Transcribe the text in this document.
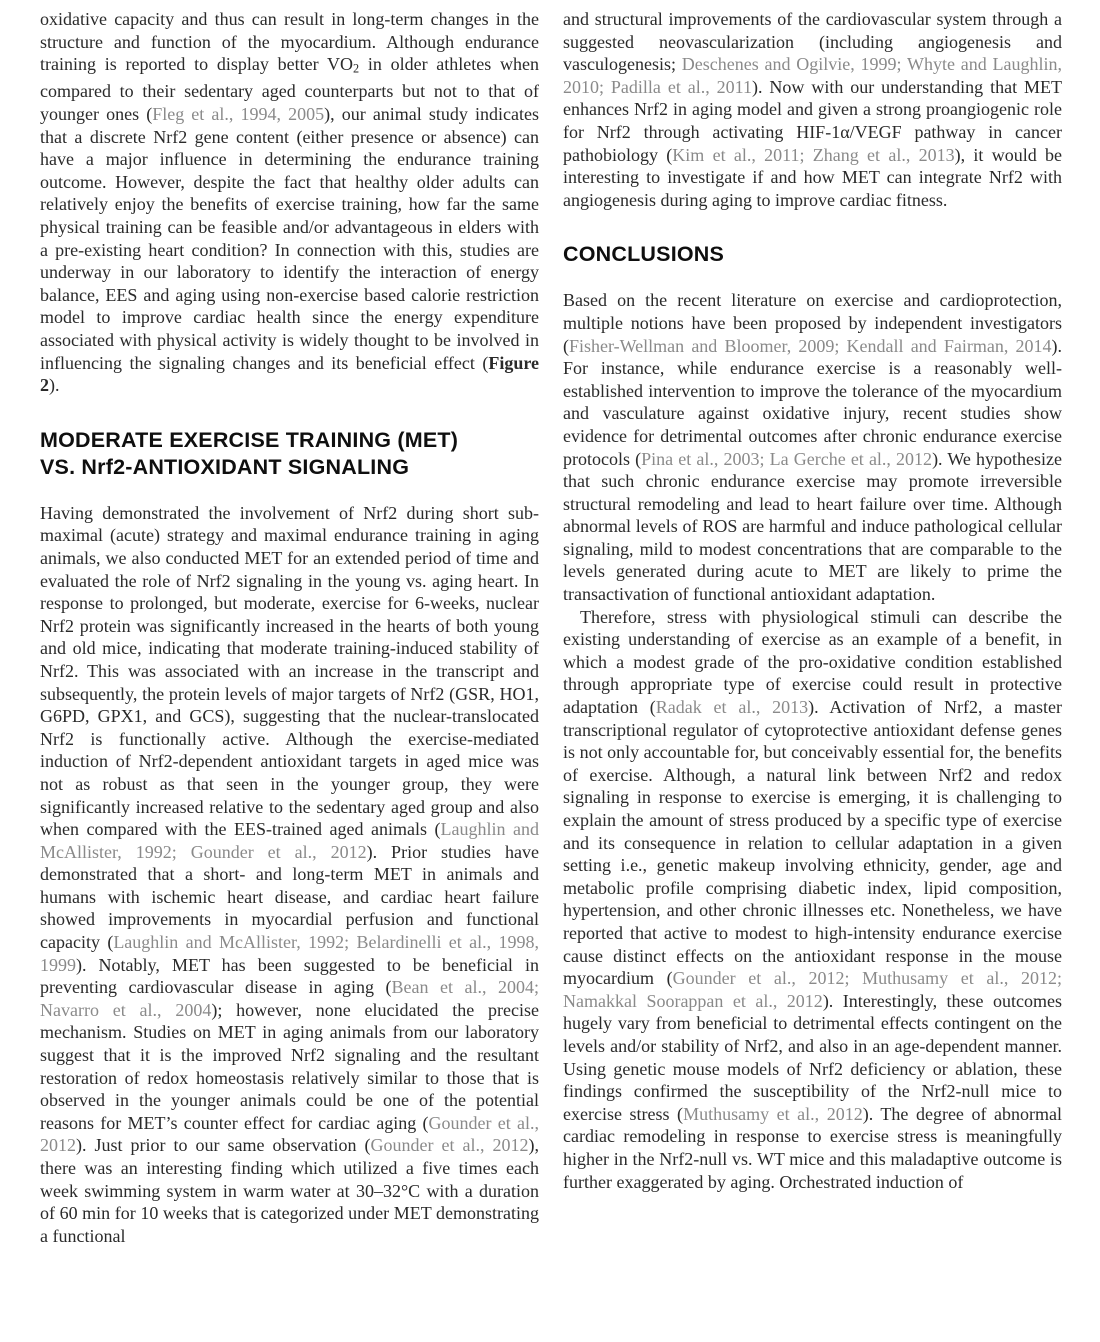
oxidative capacity and thus can result in long-term changes in the structure and function of the myocardium. Although endurance training is reported to display better $VO_2$ in older athletes when compared to their sedentary aged counterparts but not to that of younger ones (Fleg et al., 1994, 2005), our animal study indicates that a discrete Nrf2 gene content (either presence or absence) can have a major influence in determining the endurance training outcome. However, despite the fact that healthy older adults can relatively enjoy the benefits of exercise training, how far the same physical training can be feasible and/or advantageous in elders with a pre-existing heart condition? In connection with this, studies are underway in our laboratory to identify the interaction of energy balance, EES and aging using non-exercise based calorie restriction model to improve cardiac health since the energy expenditure associated with physical activity is widely thought to be involved in influencing the signaling changes and its beneficial effect (Figure 2).

MODERATE EXERCISE TRAINING (MET)
VS. Nrf2-ANTIOXIDANT SIGNALING

Having demonstrated the involvement of Nrf2 during short sub-maximal (acute) strategy and maximal endurance training in aging animals, we also conducted MET for an extended period of time and evaluated the role of Nrf2 signaling in the young vs. aging heart. In response to prolonged, but moderate, exercise for 6-weeks, nuclear Nrf2 protein was significantly increased in the hearts of both young and old mice, indicating that moderate training-induced stability of Nrf2. This was associated with an increase in the transcript and subsequently, the protein levels of major targets of Nrf2 (GSR, HO1, G6PD, GPX1, and GCS), suggesting that the nuclear-translocated Nrf2 is functionally active. Although the exercise-mediated induction of Nrf2-dependent antioxidant targets in aged mice was not as robust as that seen in the younger group, they were significantly increased relative to the sedentary aged group and also when compared with the EES-trained aged animals (Laughlin and McAllister, 1992; Gounder et al., 2012). Prior studies have demonstrated that a short- and long-term MET in animals and humans with ischemic heart disease, and cardiac heart failure showed improvements in myocardial perfusion and functional capacity (Laughlin and McAllister, 1992; Belardinelli et al., 1998, 1999). Notably, MET has been suggested to be beneficial in preventing cardiovascular disease in aging (Bean et al., 2004; Navarro et al., 2004); however, none elucidated the precise mechanism. Studies on MET in aging animals from our laboratory suggest that it is the improved Nrf2 signaling and the resultant restoration of redox homeostasis relatively similar to those that is observed in the younger animals could be one of the potential reasons for MET’s counter effect for cardiac aging (Gounder et al., 2012). Just prior to our same observation (Gounder et al., 2012), there was an interesting finding which utilized a five times each week swimming system in warm water at 30–32°C with a duration of 60 min for 10 weeks that is categorized under MET demonstrating a functional

and structural improvements of the cardiovascular system through a suggested neovascularization (including angiogenesis and vasculogenesis; Deschenes and Ogilvie, 1999; Whyte and Laughlin, 2010; Padilla et al., 2011). Now with our understanding that MET enhances Nrf2 in aging model and given a strong proangiogenic role for Nrf2 through activating HIF-1α/VEGF pathway in cancer pathobiology (Kim et al., 2011; Zhang et al., 2013), it would be interesting to investigate if and how MET can integrate Nrf2 with angiogenesis during aging to improve cardiac fitness.

CONCLUSIONS

Based on the recent literature on exercise and cardioprotection, multiple notions have been proposed by independent investigators (Fisher-Wellman and Bloomer, 2009; Kendall and Fairman, 2014). For instance, while endurance exercise is a reasonably well-established intervention to improve the tolerance of the myocardium and vasculature against oxidative injury, recent studies show evidence for detrimental outcomes after chronic endurance exercise protocols (Pina et al., 2003; La Gerche et al., 2012). We hypothesize that such chronic endurance exercise may promote irreversible structural remodeling and lead to heart failure over time. Although abnormal levels of ROS are harmful and induce pathological cellular signaling, mild to modest concentrations that are comparable to the levels generated during acute to MET are likely to prime the transactivation of functional antioxidant adaptation.

Therefore, stress with physiological stimuli can describe the existing understanding of exercise as an example of a benefit, in which a modest grade of the pro-oxidative condition established through appropriate type of exercise could result in protective adaptation (Radak et al., 2013). Activation of Nrf2, a master transcriptional regulator of cytoprotective antioxidant defense genes is not only accountable for, but conceivably essential for, the benefits of exercise. Although, a natural link between Nrf2 and redox signaling in response to exercise is emerging, it is challenging to explain the amount of stress produced by a specific type of exercise and its consequence in relation to cellular adaptation in a given setting i.e., genetic makeup involving ethnicity, gender, age and metabolic profile comprising diabetic index, lipid composition, hypertension, and other chronic illnesses etc. Nonetheless, we have reported that active to modest to high-intensity endurance exercise cause distinct effects on the antioxidant response in the mouse myocardium (Gounder et al., 2012; Muthusamy et al., 2012; Namakkal Soorappan et al., 2012). Interestingly, these outcomes hugely vary from beneficial to detrimental effects contingent on the levels and/or stability of Nrf2, and also in an age-dependent manner. Using genetic mouse models of Nrf2 deficiency or ablation, these findings confirmed the susceptibility of the Nrf2-null mice to exercise stress (Muthusamy et al., 2012). The degree of abnormal cardiac remodeling in response to exercise stress is meaningfully higher in the Nrf2-null vs. WT mice and this maladaptive outcome is further exaggerated by aging. Orchestrated induction of
